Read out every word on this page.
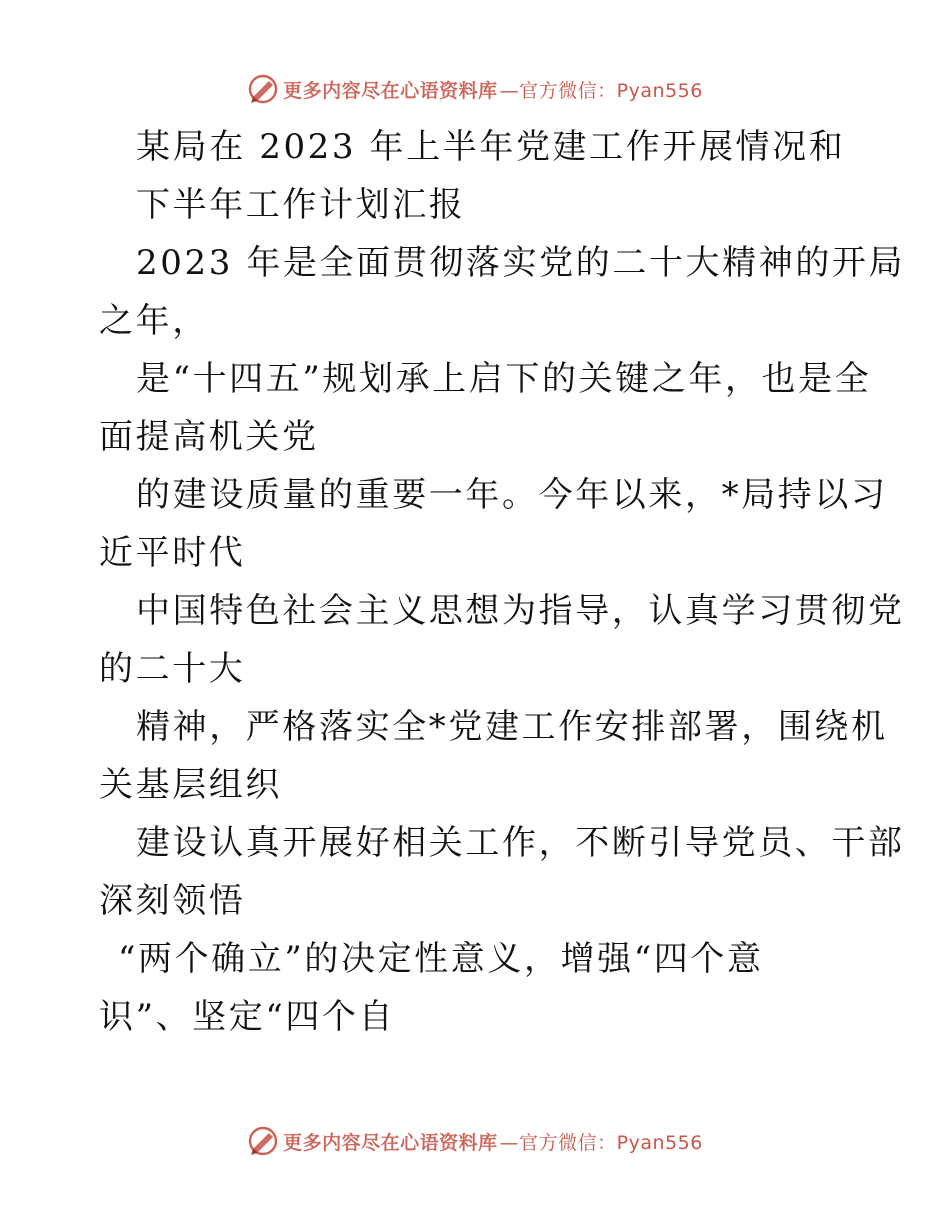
更多内容尽在心语资料库 —官方微信：Pyan556
某局在 2023 年上半年党建工作开展情况和
下半年工作计划汇报
2023 年是全面贯彻落实党的二十大精神的开局
之年，
是“十四五”规划承上启下的关键之年，也是全
面提高机关党
的建设质量的重要一年。今年以来，*局持以习
近平时代
中国特色社会主义思想为指导，认真学习贯彻党
的二十大
精神，严格落实全*党建工作安排部署，围绕机
关基层组织
建设认真开展好相关工作，不断引导党员、干部
深刻领悟
“两个确立”的决定性意义，增强“四个意
识”、坚定“四个自
更多内容尽在心语资料库 —官方微信：Pyan556
